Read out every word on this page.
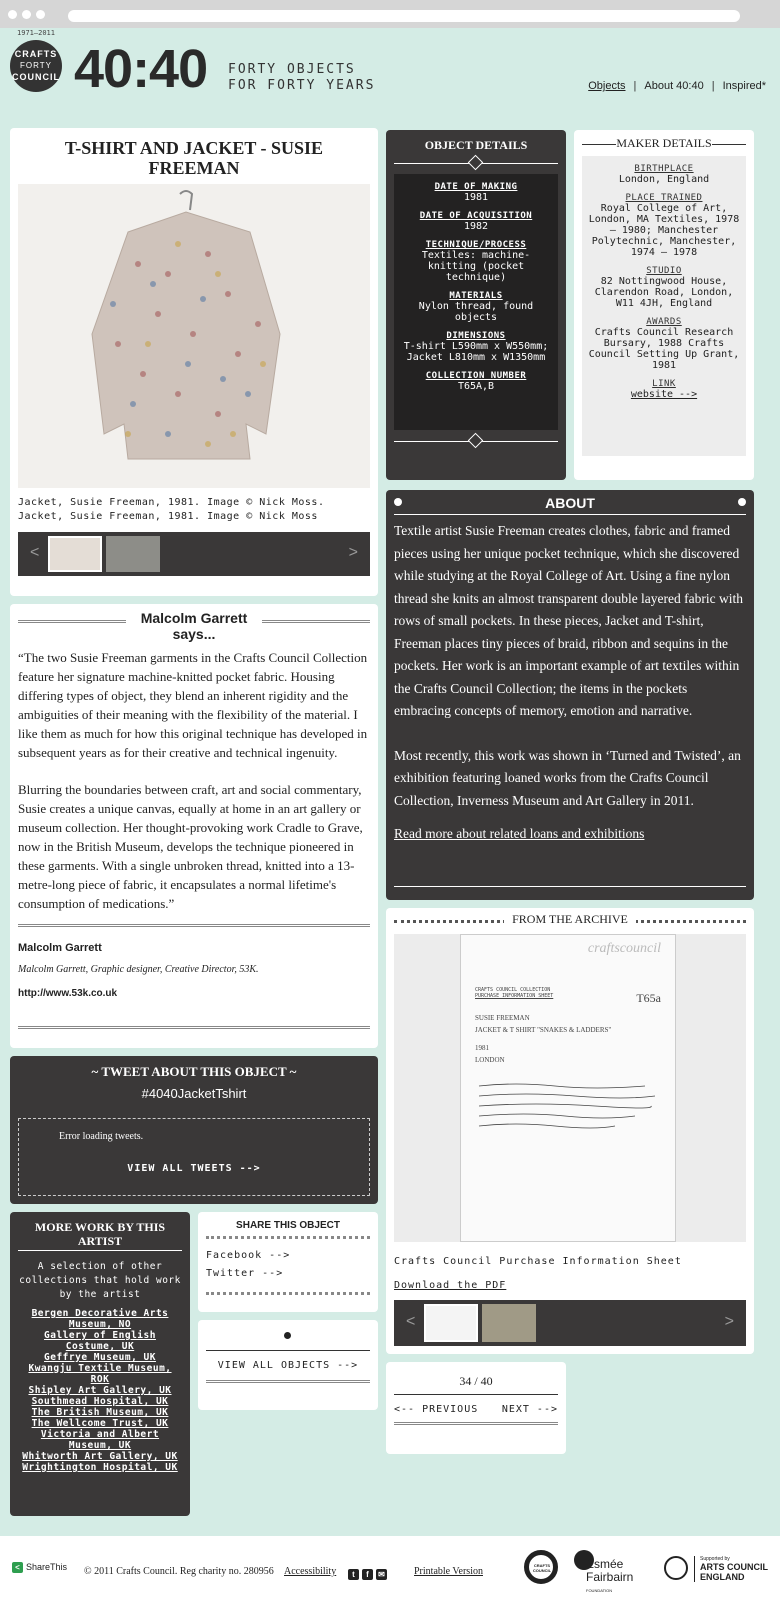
1971—2011
CRAFTS
FORTY
COUNCIL 40:40 FORTY OBJECTS
FOR FORTY YEARS	Objects | About 40:40 | Inspired*
T-SHIRT AND JACKET - SUSIE FREEMAN
Jacket, Susie Freeman, 1981. Image © Nick Moss.
Jacket, Susie Freeman, 1981. Image © Nick Moss
<	>
OBJECT DETAILS
DATE OF MAKING
1981
DATE OF ACQUISITION
1982
TECHNIQUE/PROCESS
Textiles: machine-knitting (pocket technique)
MATERIALS
Nylon thread, found objects
DIMENSIONS
T-shirt L590mm x W550mm; Jacket L810mm x W1350mm
COLLECTION NUMBER
T65A,B
MAKER DETAILS
BIRTHPLACE
London, England
PLACE TRAINED
Royal College of Art, London, MA Textiles, 1978 — 1980; Manchester Polytechnic, Manchester, 1974 — 1978
STUDIO
82 Nottingwood House, Clarendon Road, London, W11 4JH, England
AWARDS
Crafts Council Research Bursary, 1988 Crafts Council Setting Up Grant, 1981
LINK
website -->
ABOUT

Textile artist Susie Freeman creates clothes, fabric and framed pieces using her unique pocket technique, which she discovered while studying at the Royal College of Art. Using a fine nylon thread she knits an almost transparent double layered fabric with rows of small pockets. In these pieces, Jacket and T-shirt, Freeman places tiny pieces of braid, ribbon and sequins in the pockets. Her work is an important example of art textiles within the Crafts Council Collection; the items in the pockets embracing concepts of memory, emotion and narrative.

Most recently, this work was shown in ‘Turned and Twisted’, an exhibition featuring loaned works from the Crafts Council Collection, Inverness Museum and Art Gallery in 2011.

Read more about related loans and exhibitions

Malcolm Garrett
says...

“The two Susie Freeman garments in the Crafts Council Collection feature her signature machine-knitted pocket fabric. Housing differing types of object, they blend an inherent rigidity and the ambiguities of their meaning with the flexibility of the material. I like them as much for how this original technique has developed in subsequent years as for their creative and technical ingenuity.

Blurring the boundaries between craft, art and social commentary, Susie creates a unique canvas, equally at home in an art gallery or museum collection. Her thought-provoking work Cradle to Grave, now in the British Museum, develops the technique pioneered in these garments. With a single unbroken thread, knitted into a 13-metre-long piece of fabric, it encapsulates a normal lifetime's consumption of medications.”

Malcolm Garrett
Malcolm Garrett, Graphic designer, Creative Director, 53K.
http://www.53k.co.uk
FROM THE ARCHIVE
craftscouncil
CRAFTS COUNCIL COLLECTION
PURCHASE INFORMATION SHEET	T65a
SUSIE FREEMAN
JACKET & T SHIRT "SNAKES & LADDERS"
1981
LONDON
Crafts Council Purchase Information Sheet
Download the PDF
<	>
~ TWEET ABOUT THIS OBJECT ~
#4040JacketTshirt
Error loading tweets.
VIEW ALL TWEETS -->
MORE WORK BY THIS ARTIST
A selection of other collections that hold work by the artist
Bergen Decorative Arts Museum, NO
Gallery of English Costume, UK
Geffrye Museum, UK
Kwangju Textile Museum, ROK
Shipley Art Gallery, UK
Southmead Hospital, UK
The British Museum, UK
The Wellcome Trust, UK
Victoria and Albert Museum, UK
Whitworth Art Gallery, UK
Wrightington Hospital, UK
SHARE THIS OBJECT
Facebook -->
Twitter -->
VIEW ALL OBJECTS -->
34 / 40
<-- PREVIOUS NEXT -->
< ShareThis © 2011 Crafts Council. Reg charity no. 280956 Accessibility	t f ✉	Printable Version
CRAFTS COUNCIL	Esmée
Fairbairn
FOUNDATION
Supported by
ARTS COUNCIL
ENGLAND
